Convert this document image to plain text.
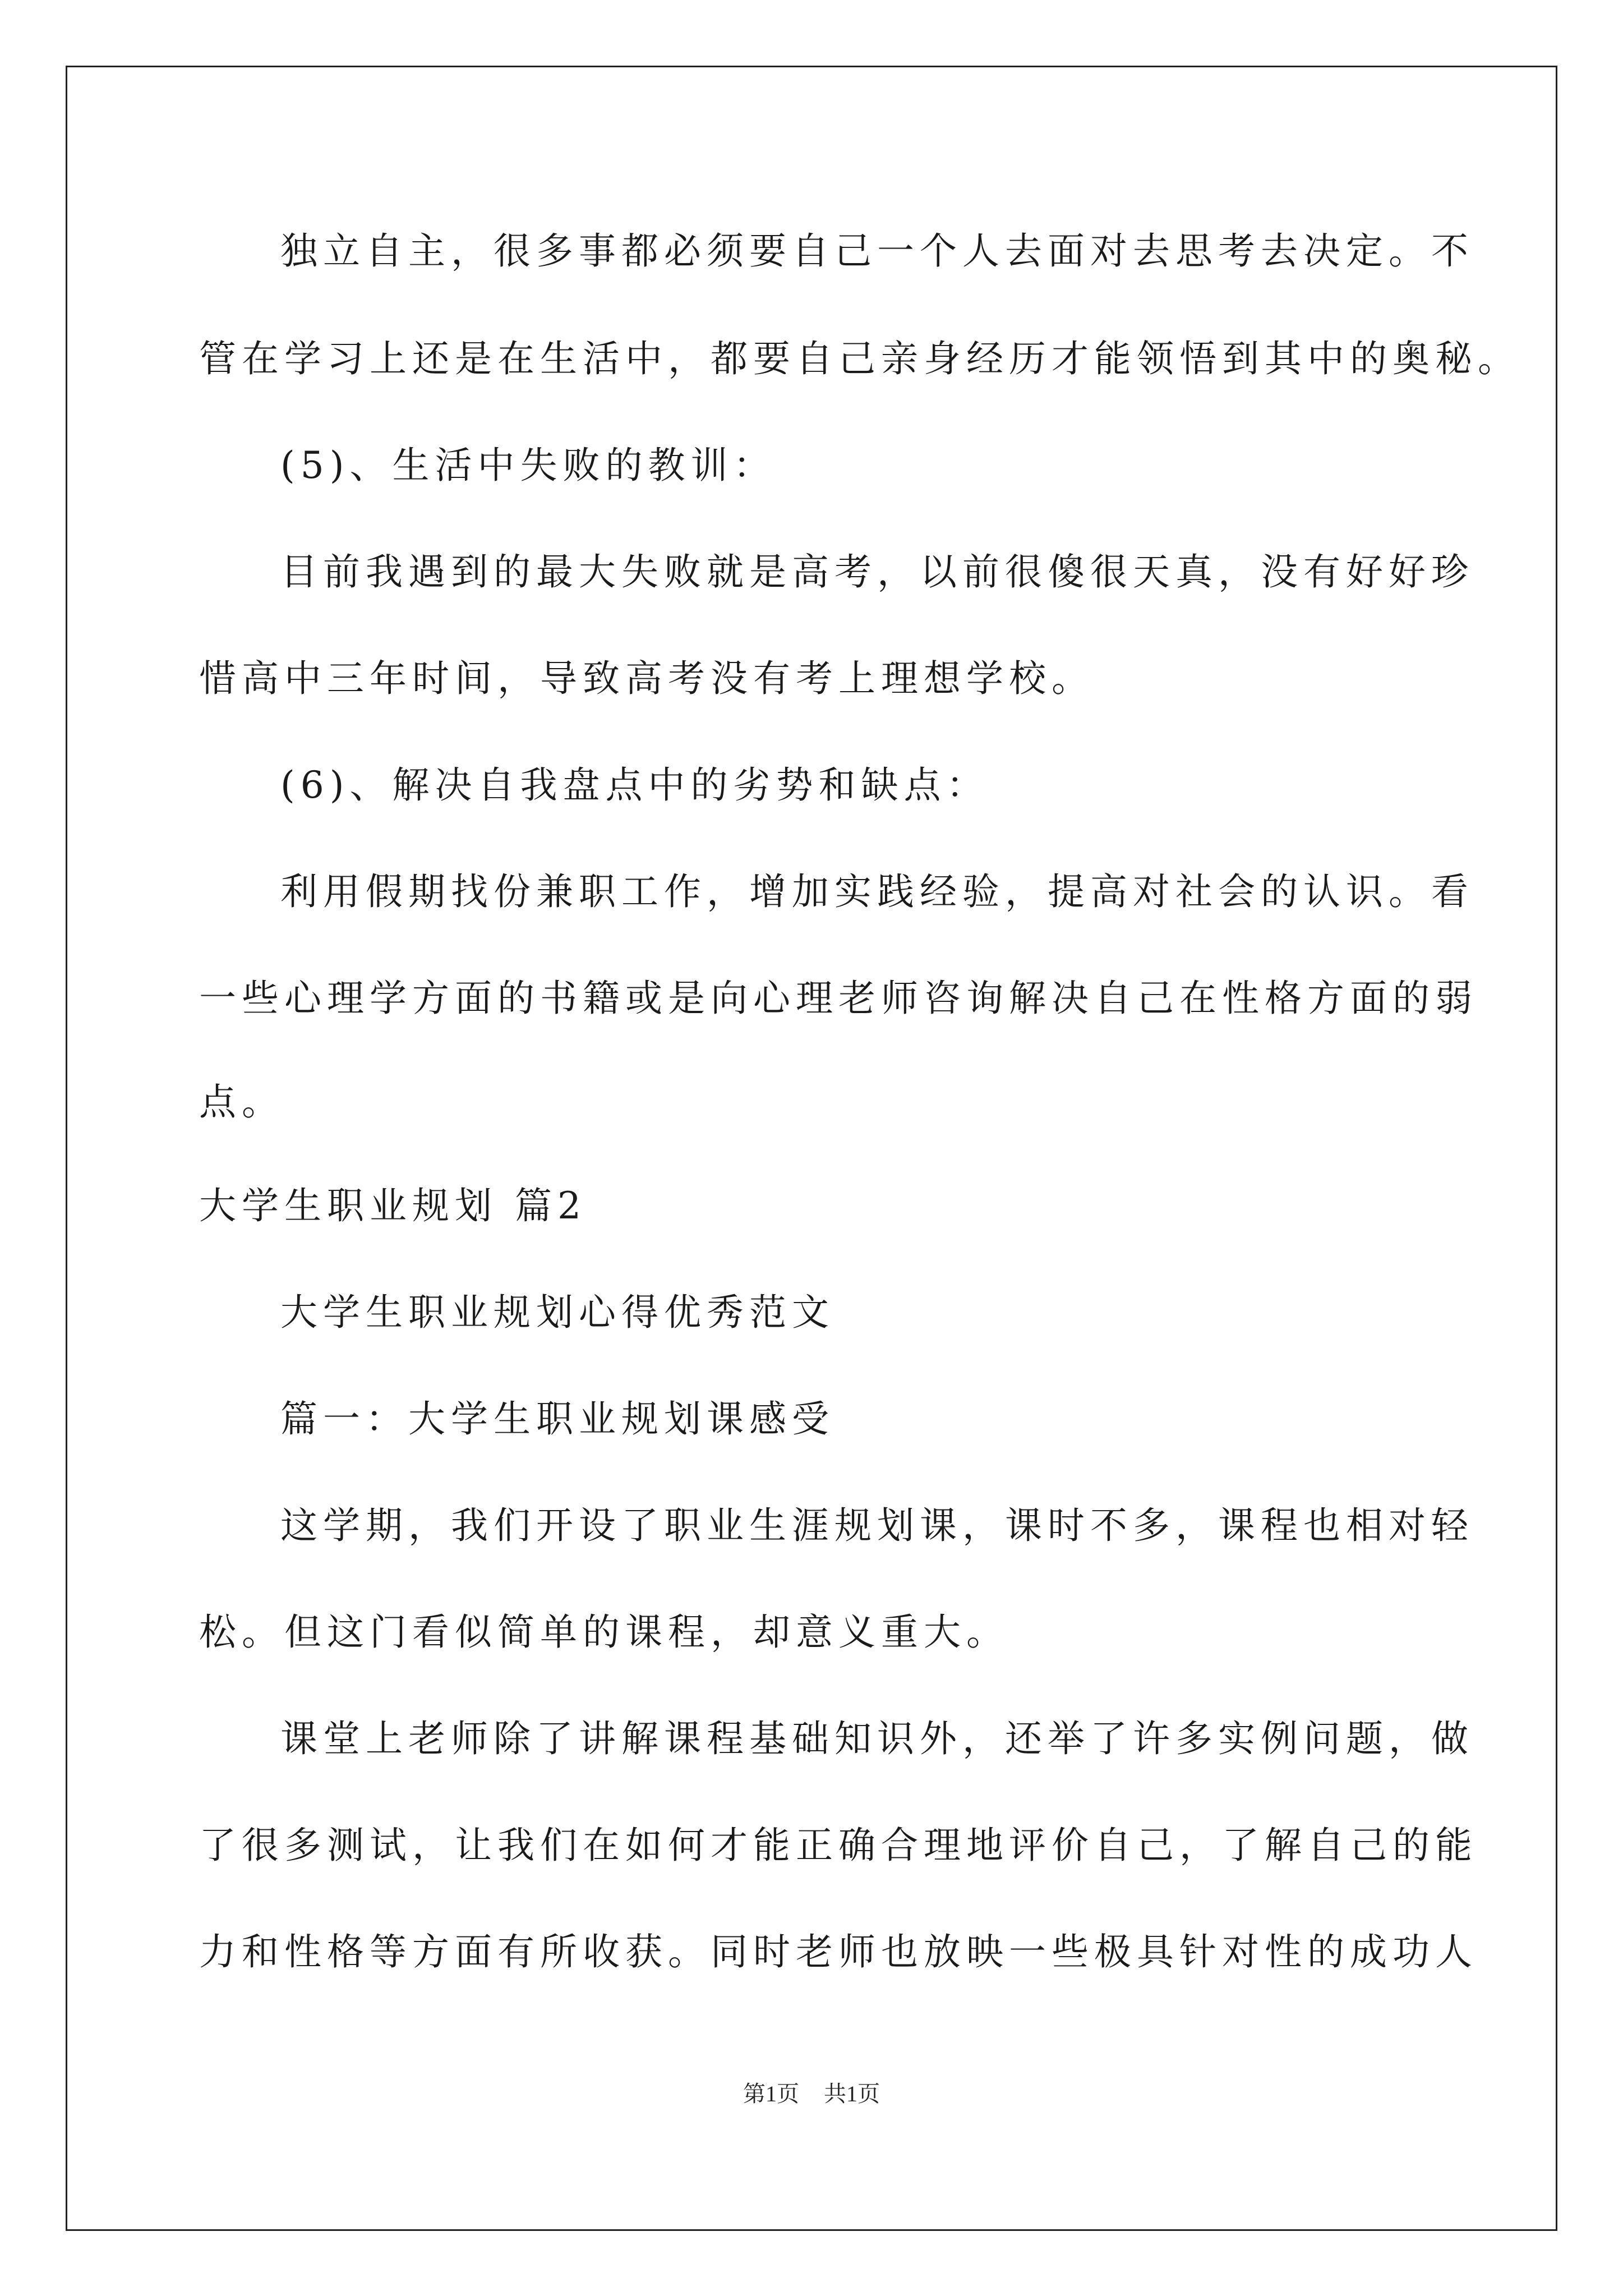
独立自主，很多事都必须要自己一个人去面对去思考去决定。不
管在学习上还是在生活中，都要自己亲身经历才能领悟到其中的奥秘。
(5)、生活中失败的教训：
目前我遇到的最大失败就是高考，以前很傻很天真，没有好好珍
惜高中三年时间，导致高考没有考上理想学校。
(6)、解决自我盘点中的劣势和缺点：
利用假期找份兼职工作，增加实践经验，提高对社会的认识。看
一些心理学方面的书籍或是向心理老师咨询解决自己在性格方面的弱
点。
大学生职业规划 篇2
大学生职业规划心得优秀范文
篇一：大学生职业规划课感受
这学期，我们开设了职业生涯规划课，课时不多，课程也相对轻
松。但这门看似简单的课程，却意义重大。
课堂上老师除了讲解课程基础知识外，还举了许多实例问题，做
了很多测试，让我们在如何才能正确合理地评价自己，了解自己的能
力和性格等方面有所收获。同时老师也放映一些极具针对性的成功人
第1页 共1页
